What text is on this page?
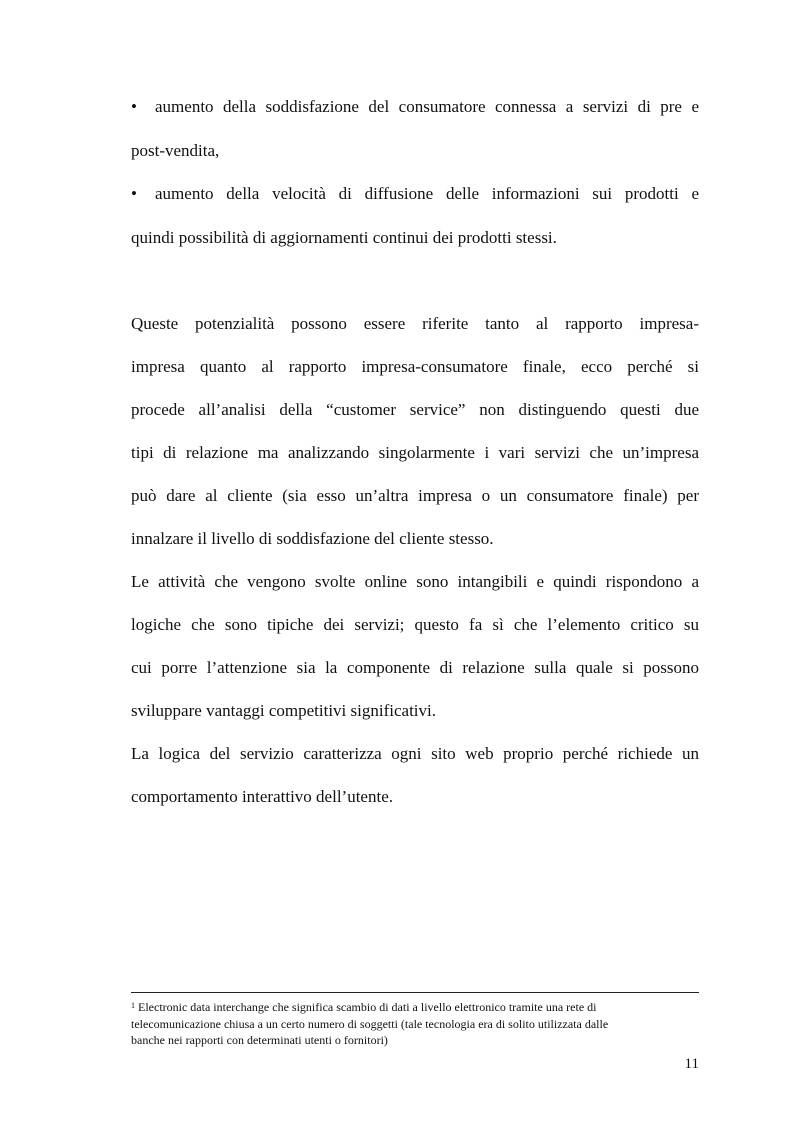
• aumento della soddisfazione del consumatore connessa a servizi di pre e
post-vendita,
• aumento della velocità di diffusione delle informazioni sui prodotti e
quindi possibilità di aggiornamenti continui dei prodotti stessi.
Queste potenzialità possono essere riferite tanto al rapporto impresa-
impresa quanto al rapporto impresa-consumatore finale, ecco perché si
procede all’analisi della “customer service” non distinguendo questi due
tipi di relazione ma analizzando singolarmente i vari servizi che un’impresa
può dare al cliente (sia esso un’altra impresa o un consumatore finale) per
innalzare il livello di soddisfazione del cliente stesso.
Le attività che vengono svolte online sono intangibili e quindi rispondono a
logiche che sono tipiche dei servizi; questo fa sì che l’elemento critico su
cui porre l’attenzione sia la componente di relazione sulla quale si possono
sviluppare vantaggi competitivi significativi.
La logica del servizio caratterizza ogni sito web proprio perché richiede un
comportamento interattivo dell’utente.
$^1$ Electronic data interchange che significa scambio di dati a livello elettronico tramite una rete di
telecomunicazione chiusa a un certo numero di soggetti (tale tecnologia era di solito utilizzata dalle
banche nei rapporti con determinati utenti o fornitori)
11
